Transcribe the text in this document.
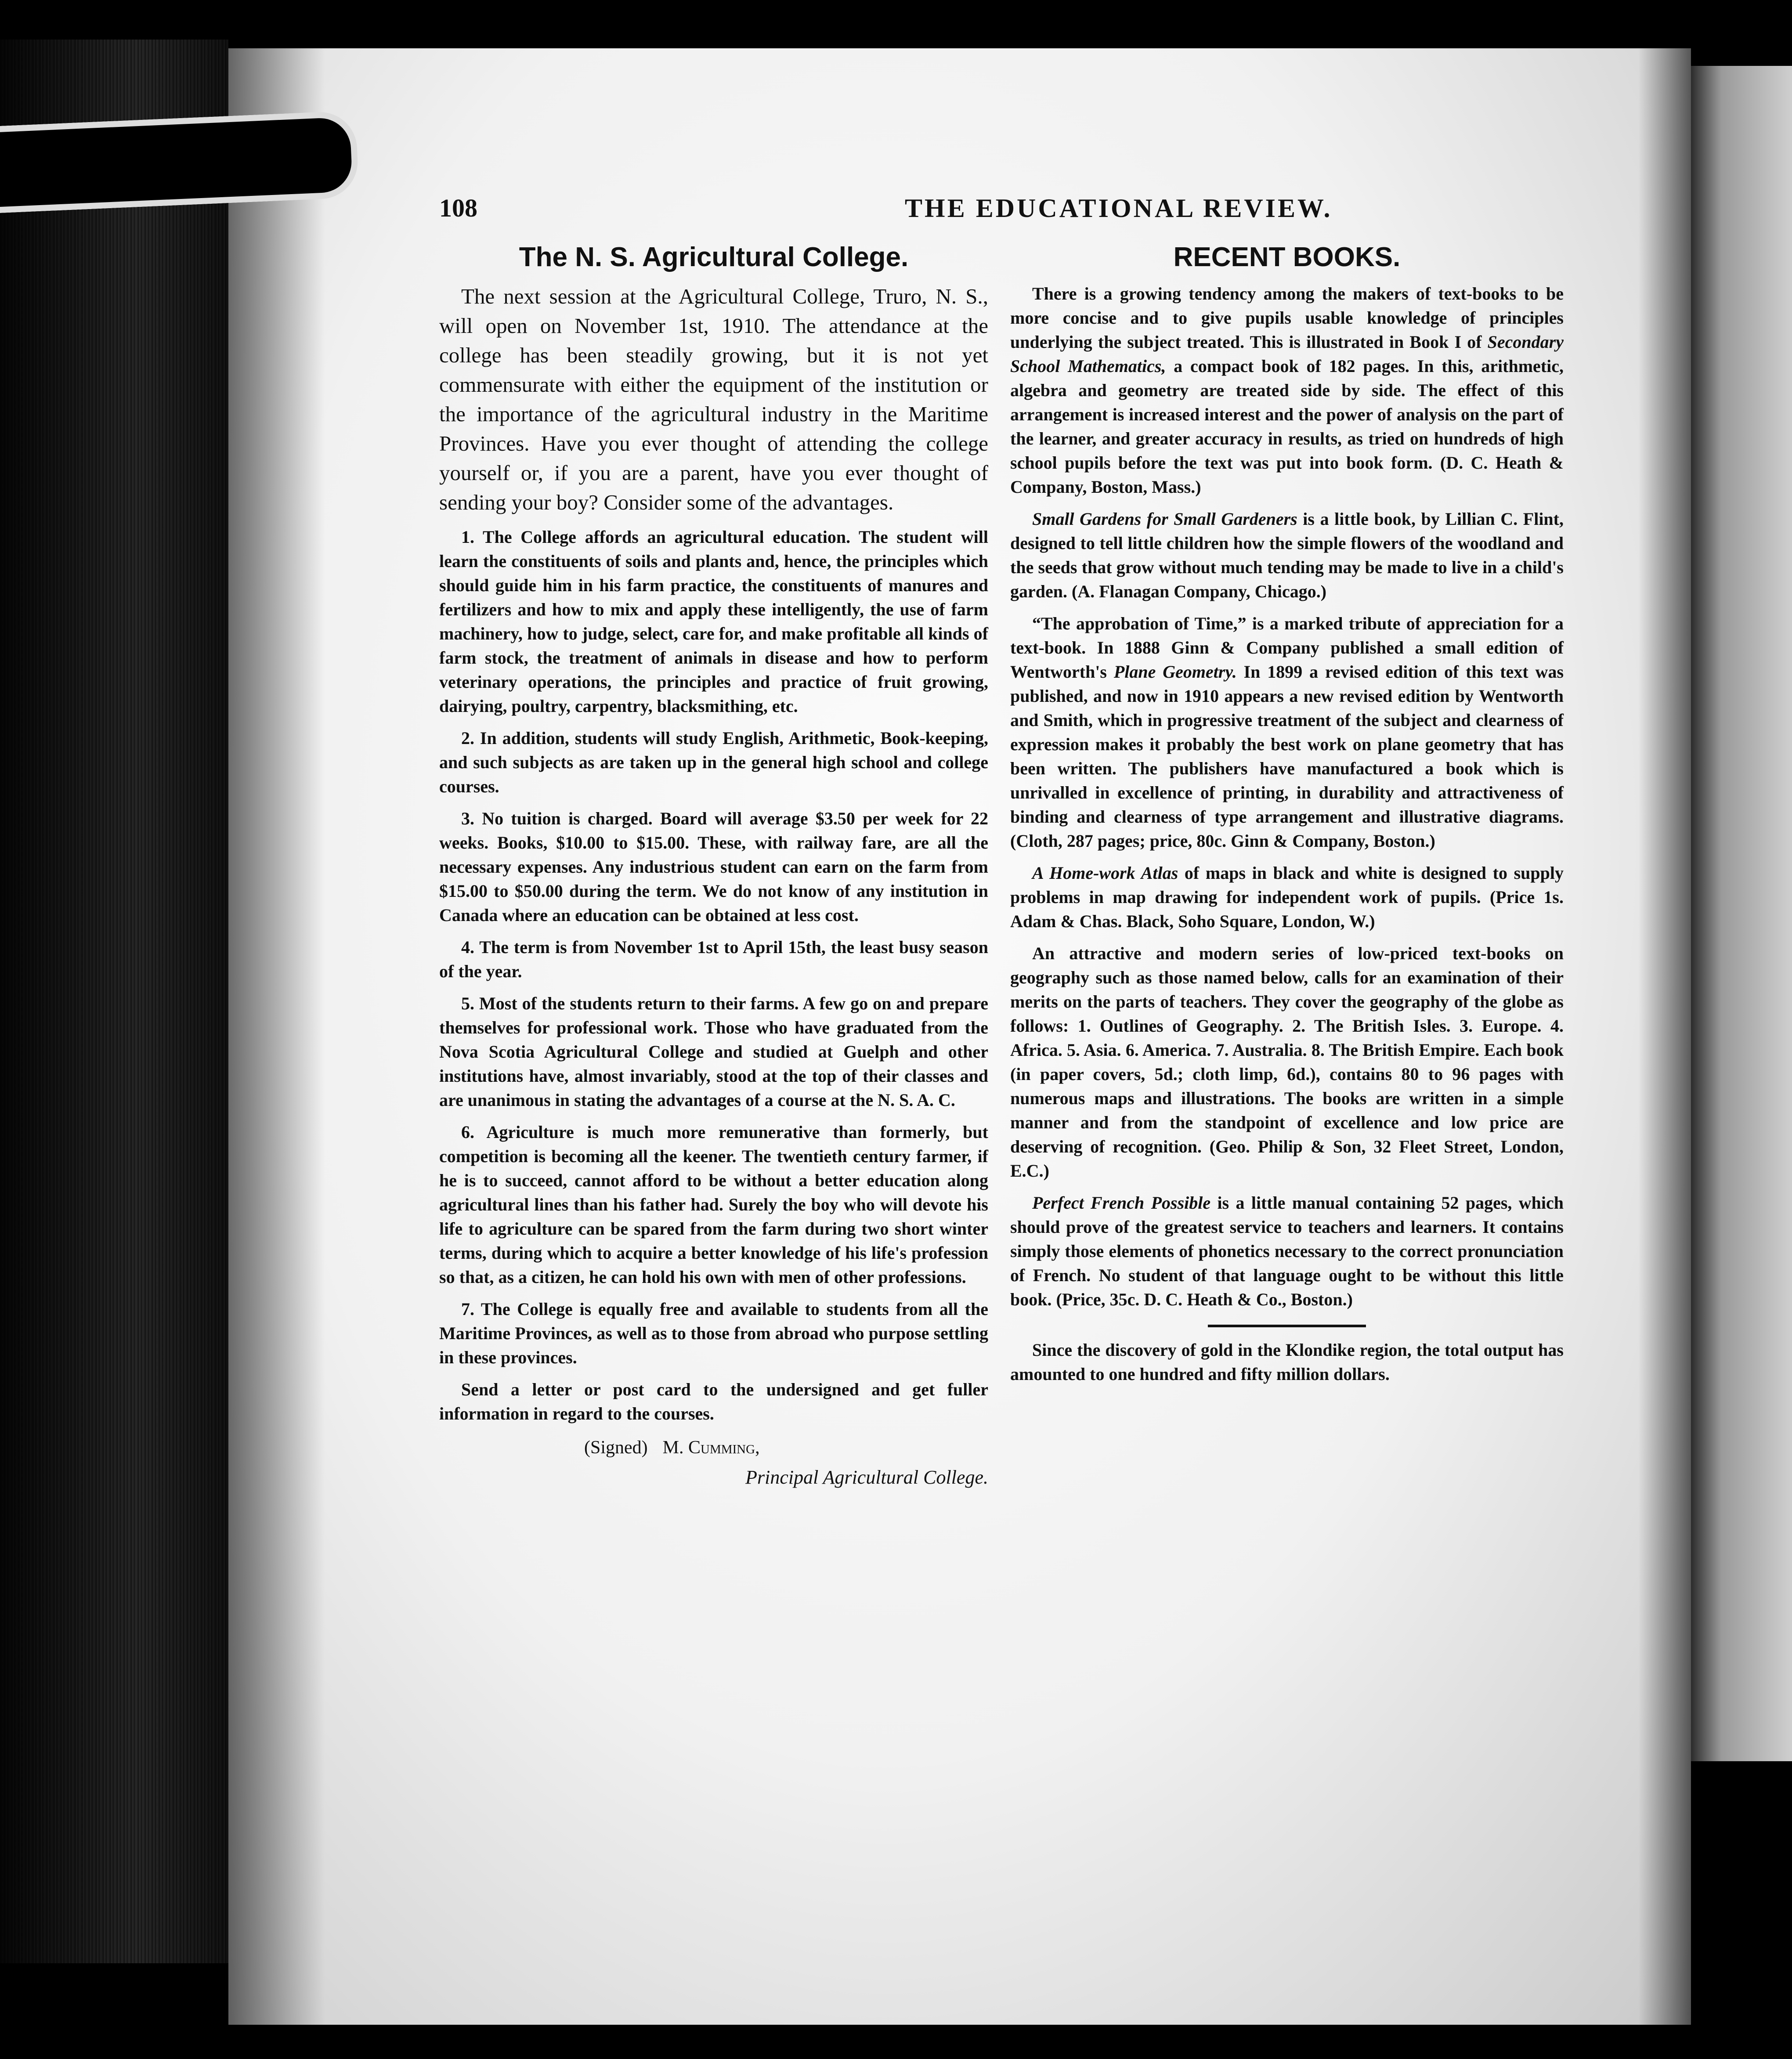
108	THE EDUCATIONAL REVIEW.
The N. S. Agricultural College.

The next session at the Agricultural College, Truro, N. S., will open on November 1st, 1910. The attendance at the college has been steadily growing, but it is not yet commensurate with either the equipment of the institution or the importance of the agricultural industry in the Maritime Provinces. Have you ever thought of attending the college yourself or, if you are a parent, have you ever thought of sending your boy? Consider some of the advantages.

1. The College affords an agricultural education. The student will learn the constituents of soils and plants and, hence, the principles which should guide him in his farm practice, the constituents of manures and fertilizers and how to mix and apply these intelligently, the use of farm machinery, how to judge, select, care for, and make profitable all kinds of farm stock, the treatment of animals in disease and how to perform veterinary operations, the principles and practice of fruit growing, dairying, poultry, carpentry, blacksmithing, etc.

2. In addition, students will study English, Arithmetic, Book-keeping, and such subjects as are taken up in the general high school and college courses.

3. No tuition is charged. Board will average $3.50 per week for 22 weeks. Books, $10.00 to $15.00. These, with railway fare, are all the necessary expenses. Any industrious student can earn on the farm from $15.00 to $50.00 during the term. We do not know of any institution in Canada where an education can be obtained at less cost.

4. The term is from November 1st to April 15th, the least busy season of the year.

5. Most of the students return to their farms. A few go on and prepare themselves for professional work. Those who have graduated from the Nova Scotia Agricultural College and studied at Guelph and other institutions have, almost invariably, stood at the top of their classes and are unanimous in stating the advantages of a course at the N. S. A. C.

6. Agriculture is much more remunerative than formerly, but competition is becoming all the keener. The twentieth century farmer, if he is to succeed, cannot afford to be without a better education along agricultural lines than his father had. Surely the boy who will devote his life to agriculture can be spared from the farm during two short winter terms, during which to acquire a better knowledge of his life's profession so that, as a citizen, he can hold his own with men of other professions.

7. The College is equally free and available to students from all the Maritime Provinces, as well as to those from abroad who purpose settling in these provinces.

Send a letter or post card to the undersigned and get fuller information in regard to the courses.

(Signed) M. Cumming,

Principal Agricultural College.

RECENT BOOKS.

There is a growing tendency among the makers of text-books to be more concise and to give pupils usable knowledge of principles underlying the subject treated. This is illustrated in Book I of Secondary School Mathematics, a compact book of 182 pages. In this, arithmetic, algebra and geometry are treated side by side. The effect of this arrangement is increased interest and the power of analysis on the part of the learner, and greater accuracy in results, as tried on hundreds of high school pupils before the text was put into book form. (D. C. Heath & Company, Boston, Mass.)

Small Gardens for Small Gardeners is a little book, by Lillian C. Flint, designed to tell little children how the simple flowers of the woodland and the seeds that grow without much tending may be made to live in a child's garden. (A. Flanagan Company, Chicago.)

“The approbation of Time,” is a marked tribute of appreciation for a text-book. In 1888 Ginn & Company published a small edition of Wentworth's Plane Geometry. In 1899 a revised edition of this text was published, and now in 1910 appears a new revised edition by Wentworth and Smith, which in progressive treatment of the subject and clearness of expression makes it probably the best work on plane geometry that has been written. The publishers have manufactured a book which is unrivalled in excellence of printing, in durability and attractiveness of binding and clearness of type arrangement and illustrative diagrams. (Cloth, 287 pages; price, 80c. Ginn & Company, Boston.)

A Home-work Atlas of maps in black and white is designed to supply problems in map drawing for independent work of pupils. (Price 1s. Adam & Chas. Black, Soho Square, London, W.)

An attractive and modern series of low-priced text-books on geography such as those named below, calls for an examination of their merits on the parts of teachers. They cover the geography of the globe as follows: 1. Outlines of Geography. 2. The British Isles. 3. Europe. 4. Africa. 5. Asia. 6. America. 7. Australia. 8. The British Empire. Each book (in paper covers, 5d.; cloth limp, 6d.), contains 80 to 96 pages with numerous maps and illustrations. The books are written in a simple manner and from the standpoint of excellence and low price are deserving of recognition. (Geo. Philip & Son, 32 Fleet Street, London, E.C.)

Perfect French Possible is a little manual containing 52 pages, which should prove of the greatest service to teachers and learners. It contains simply those elements of phonetics necessary to the correct pronunciation of French. No student of that language ought to be without this little book. (Price, 35c. D. C. Heath & Co., Boston.)

Since the discovery of gold in the Klondike region, the total output has amounted to one hundred and fifty million dollars.
